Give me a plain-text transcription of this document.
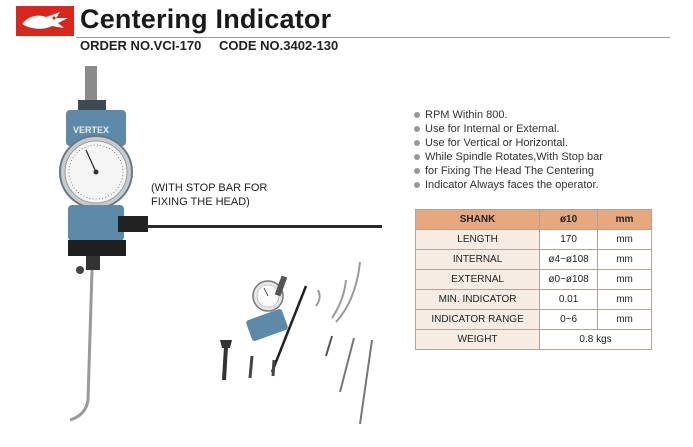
Centering Indicator
ORDER NO.VCI-170 CODE NO.3402-130
VERTEX
(WITH STOP BAR FOR
FIXING THE HEAD)
RPM Within 800.
Use for Internal or External.
Use for Vertical or Horizontal.
While Spindle Rotates,With Stop bar
for Fixing The Head The Centering
Indicator Always faces the operator.
SHANK	ø10	mm
LENGTH	170	mm
INTERNAL	ø4~ø108	mm
EXTERNAL	ø0~ø108	mm
MIN. INDICATOR	0.01	mm
INDICATOR RANGE	0~6	mm
WEIGHT	0.8 kgs	
